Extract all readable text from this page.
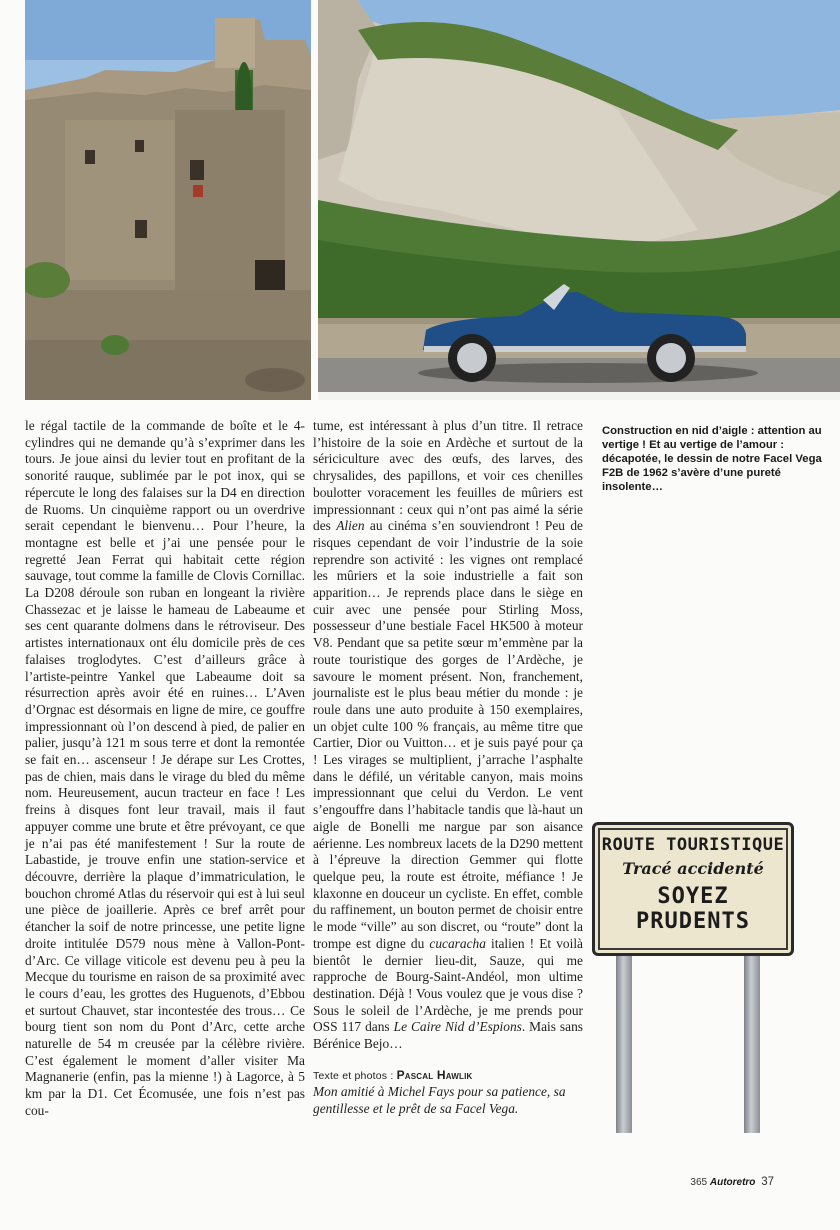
le régal tactile de la commande de boîte et le 4-cylindres qui ne demande qu’à s’exprimer dans les tours. Je joue ainsi du levier tout en profitant de la sonorité rauque, sublimée par le pot inox, qui se répercute le long des falaises sur la D4 en direction de Ruoms. Un cinquième rapport ou un overdrive serait cependant le bienvenu… Pour l’heure, la montagne est belle et j’ai une pensée pour le regretté Jean Ferrat qui habitait cette région sauvage, tout comme la famille de Clovis Cornillac. La D208 déroule son ruban en longeant la rivière Chassezac et je laisse le hameau de Labeaume et ses cent quarante dolmens dans le rétroviseur. Des artistes internationaux ont élu domicile près de ces falaises troglodytes. C’est d’ailleurs grâce à l’artiste-peintre Yankel que Labeaume doit sa résurrection après avoir été en ruines… L’Aven d’Orgnac est désormais en ligne de mire, ce gouffre impressionnant où l’on descend à pied, de palier en palier, jusqu’à 121 m sous terre et dont la remontée se fait en… ascenseur ! Je dérape sur Les Crottes, pas de chien, mais dans le virage du bled du même nom. Heureusement, aucun tracteur en face ! Les freins à disques font leur travail, mais il faut appuyer comme une brute et être prévoyant, ce que je n’ai pas été manifestement ! Sur la route de Labastide, je trouve enfin une station-service et découvre, derrière la plaque d’immatriculation, le bouchon chromé Atlas du réservoir qui est à lui seul une pièce de joaillerie. Après ce bref arrêt pour étancher la soif de notre princesse, une petite ligne droite intitulée D579 nous mène à Vallon-Pont-d’Arc. Ce village viticole est devenu peu à peu la Mecque du tourisme en raison de sa proximité avec le cours d’eau, les grottes des Huguenots, d’Ebbou et surtout Chauvet, star incontestée des trous… Ce bourg tient son nom du Pont d’Arc, cette arche naturelle de 54 m creusée par la célèbre rivière. C’est également le moment d’aller visiter Ma Magnanerie (enfin, pas la mienne !) à Lagorce, à 5 km par la D1. Cet Écomusée, une fois n’est pas cou-

tume, est intéressant à plus d’un titre. Il retrace l’histoire de la soie en Ardèche et surtout de la sériciculture avec des œufs, des larves, des chrysalides, des papillons, et voir ces chenilles boulotter voracement les feuilles de mûriers est impressionnant : ceux qui n’ont pas aimé la série des Alien au cinéma s’en souviendront ! Peu de risques cependant de voir l’industrie de la soie reprendre son activité : les vignes ont remplacé les mûriers et la soie industrielle a fait son apparition… Je reprends place dans le siège en cuir avec une pensée pour Stirling Moss, possesseur d’une bestiale Facel HK500 à moteur V8. Pendant que sa petite sœur m’emmène par la route touristique des gorges de l’Ardèche, je savoure le moment présent. Non, franchement, journaliste est le plus beau métier du monde : je roule dans une auto produite à 150 exemplaires, un objet culte 100 % français, au même titre que Cartier, Dior ou Vuitton… et je suis payé pour ça ! Les virages se multiplient, j’arrache l’asphalte dans le défilé, un véritable canyon, mais moins impressionnant que celui du Verdon. Le vent s’engouffre dans l’habitacle tandis que là-haut un aigle de Bonelli me nargue par son aisance aérienne. Les nombreux lacets de la D290 mettent à l’épreuve la direction Gemmer qui flotte quelque peu, la route est étroite, méfiance ! Je klaxonne en douceur un cycliste. En effet, comble du raffinement, un bouton permet de choisir entre le mode “ville” au son discret, ou “route” dont la trompe est digne du cucaracha italien ! Et voilà bientôt le dernier lieu-dit, Sauze, qui me rapproche de Bourg-Saint-Andéol, mon ultime destination. Déjà ! Vous voulez que je vous dise ? Sous le soleil de l’Ardèche, je me prends pour OSS 117 dans Le Caire Nid d’Espions. Mais sans Bérénice Bejo…

Texte et photos : Pascal Hawlik

Mon amitié à Michel Fays pour sa patience, sa gentillesse et le prêt de sa Facel Vega.

Construction en nid d’aigle : attention au vertige ! Et au vertige de l’amour : décapotée, le dessin de notre Facel Vega F2B de 1962 s’avère d’une pureté insolente…
ROUTE TOURISTIQUE
Tracé accidenté
SOYEZ
PRUDENTS
365 Autoretro 37
